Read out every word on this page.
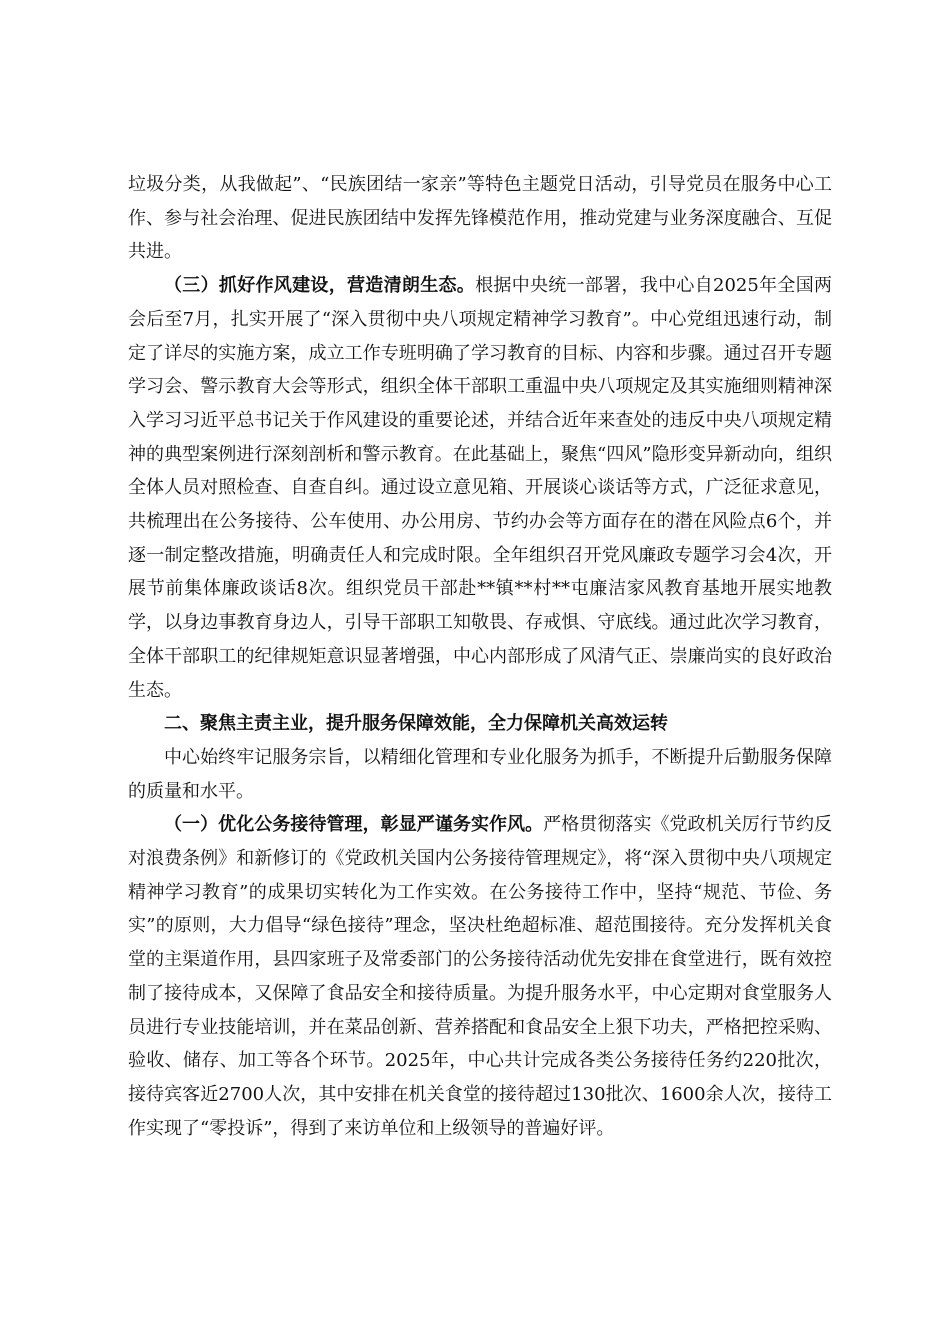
垃圾分类，从我做起”、“民族团结一家亲”等特色主题党日活动，引导党员在服务中心工作、参与社会治理、促进民族团结中发挥先锋模范作用，推动党建与业务深度融合、互促共进。

（三）抓好作风建设，营造清朗生态。根据中央统一部署，我中心自2025年全国两会后至7月，扎实开展了“深入贯彻中央八项规定精神学习教育”。中心党组迅速行动，制定了详尽的实施方案，成立工作专班明确了学习教育的目标、内容和步骤。通过召开专题学习会、警示教育大会等形式，组织全体干部职工重温中央八项规定及其实施细则精神深入学习习近平总书记关于作风建设的重要论述，并结合近年来查处的违反中央八项规定精神的典型案例进行深刻剖析和警示教育。在此基础上，聚焦“四风”隐形变异新动向，组织全体人员对照检查、自查自纠。通过设立意见箱、开展谈心谈话等方式，广泛征求意见，共梳理出在公务接待、公车使用、办公用房、节约办会等方面存在的潜在风险点6个，并逐一制定整改措施，明确责任人和完成时限。全年组织召开党风廉政专题学习会4次，开展节前集体廉政谈话8次。组织党员干部赴**镇**村**屯廉洁家风教育基地开展实地教学，以身边事教育身边人，引导干部职工知敬畏、存戒惧、守底线。通过此次学习教育，全体干部职工的纪律规矩意识显著增强，中心内部形成了风清气正、崇廉尚实的良好政治生态。

二、聚焦主责主业，提升服务保障效能，全力保障机关高效运转

中心始终牢记服务宗旨，以精细化管理和专业化服务为抓手，不断提升后勤服务保障的质量和水平。

（一）优化公务接待管理，彰显严谨务实作风。严格贯彻落实《党政机关厉行节约反对浪费条例》和新修订的《党政机关国内公务接待管理规定》，将“深入贯彻中央八项规定精神学习教育”的成果切实转化为工作实效。在公务接待工作中，坚持“规范、节俭、务实”的原则，大力倡导“绿色接待”理念，坚决杜绝超标准、超范围接待。充分发挥机关食堂的主渠道作用，县四家班子及常委部门的公务接待活动优先安排在食堂进行，既有效控制了接待成本，又保障了食品安全和接待质量。为提升服务水平，中心定期对食堂服务人员进行专业技能培训，并在菜品创新、营养搭配和食品安全上狠下功夫，严格把控采购、验收、储存、加工等各个环节。2025年，中心共计完成各类公务接待任务约220批次，接待宾客近2700人次，其中安排在机关食堂的接待超过130批次、1600余人次，接待工作实现了“零投诉”，得到了来访单位和上级领导的普遍好评。
